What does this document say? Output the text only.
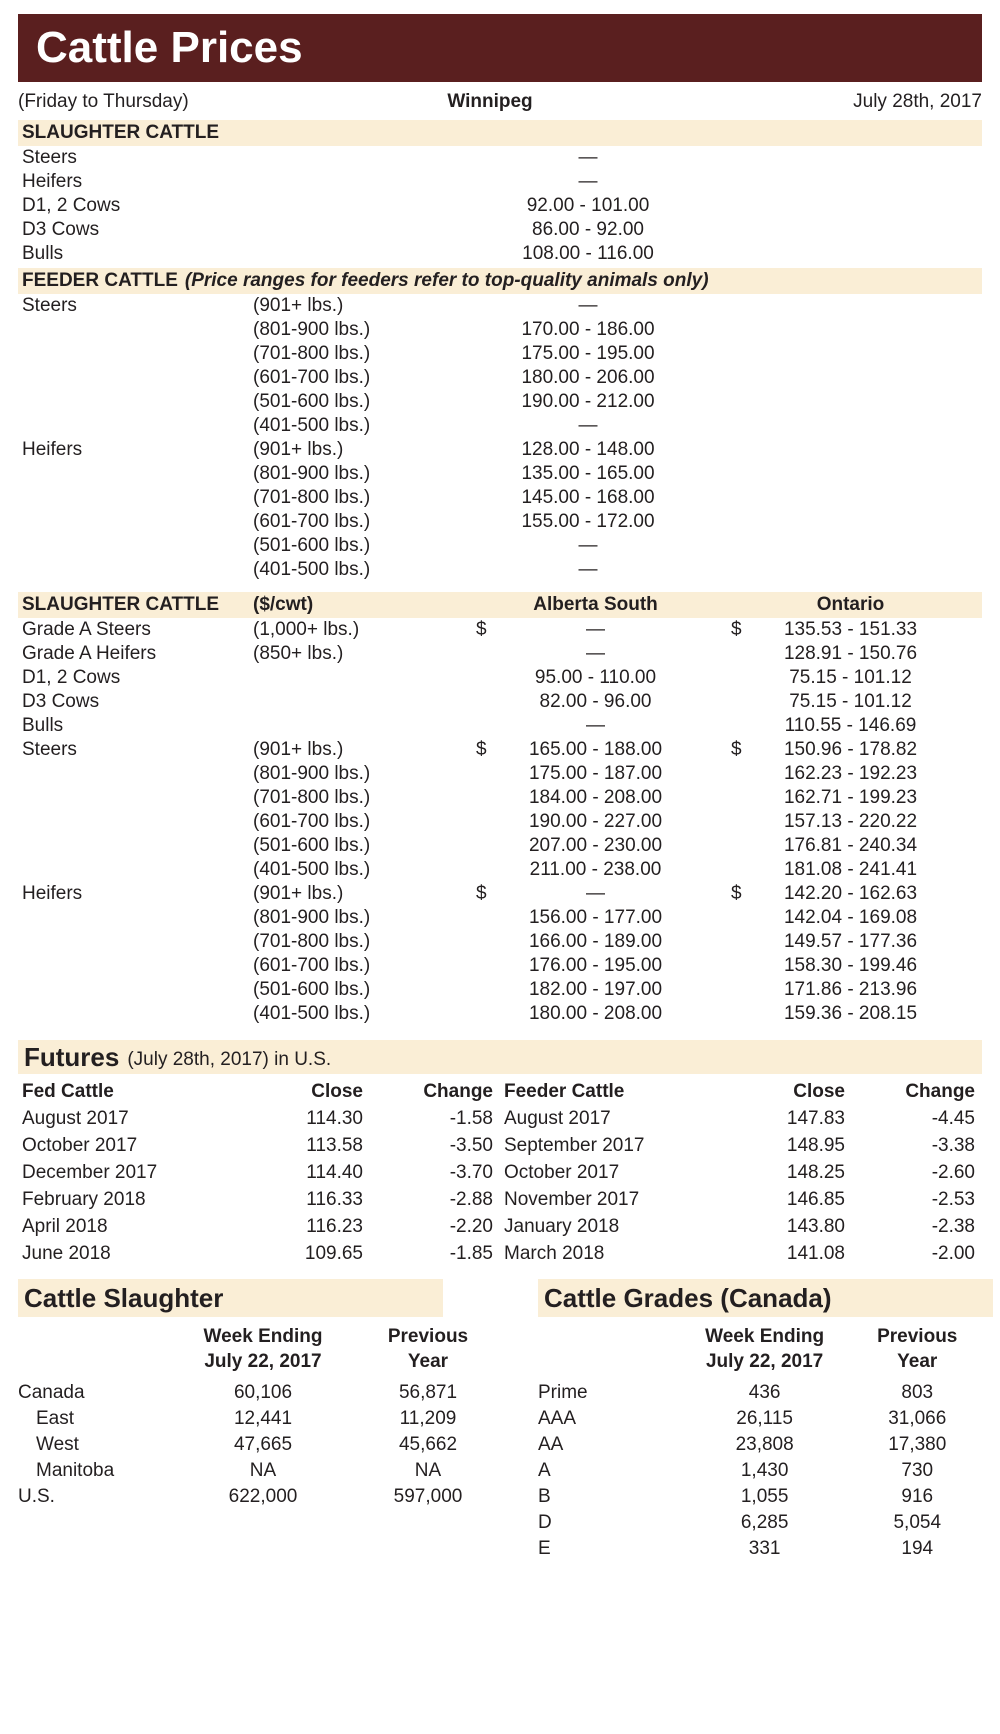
Cattle Prices
(Friday to Thursday)	Winnipeg	July 28th, 2017
SLAUGHTER CATTLE
Steers	—
Heifers	—
D1, 2 Cows	92.00 - 101.00
D3 Cows	86.00 - 92.00
Bulls	108.00 - 116.00
FEEDER CATTLE (Price ranges for feeders refer to top-quality animals only)
Steers	(901+ lbs.)	—
(801-900 lbs.)	170.00 - 186.00
(701-800 lbs.)	175.00 - 195.00
(601-700 lbs.)	180.00 - 206.00
(501-600 lbs.)	190.00 - 212.00
(401-500 lbs.)	—
Heifers	(901+ lbs.)	128.00 - 148.00
(801-900 lbs.)	135.00 - 165.00
(701-800 lbs.)	145.00 - 168.00
(601-700 lbs.)	155.00 - 172.00
(501-600 lbs.)	—
(401-500 lbs.)	—
SLAUGHTER CATTLE	($/cwt)	Alberta South	Ontario
Grade A Steers	(1,000+ lbs.)	$	—	$ 135.53 - 151.33
Grade A Heifers	(850+ lbs.)	—	128.91 - 150.76
D1, 2 Cows	95.00 - 110.00	75.15 - 101.12
D3 Cows	82.00 - 96.00	75.15 - 101.12
Bulls	—	110.55 - 146.69
Steers	(901+ lbs.)	$ 165.00 - 188.00	$ 150.96 - 178.82
(801-900 lbs.)	175.00 - 187.00	162.23 - 192.23
(701-800 lbs.)	184.00 - 208.00	162.71 - 199.23
(601-700 lbs.)	190.00 - 227.00	157.13 - 220.22
(501-600 lbs.)	207.00 - 230.00	176.81 - 240.34
(401-500 lbs.)	211.00 - 238.00	181.08 - 241.41
Heifers	(901+ lbs.)	$	—	$ 142.20 - 162.63
(801-900 lbs.)	156.00 - 177.00	142.04 - 169.08
(701-800 lbs.)	166.00 - 189.00	149.57 - 177.36
(601-700 lbs.)	176.00 - 195.00	158.30 - 199.46
(501-600 lbs.)	182.00 - 197.00	171.86 - 213.96
(401-500 lbs.)	180.00 - 208.00	159.36 - 208.15
Futures (July 28th, 2017) in U.S.
Fed Cattle	Close	Change
August 2017	114.30	-1.58
October 2017	113.58	-3.50
December 2017	114.40	-3.70
February 2018	116.33	-2.88
April 2018	116.23	-2.20
June 2018	109.65	-1.85
Feeder Cattle	Close	Change
August 2017	147.83	-4.45
September 2017	148.95	-3.38
October 2017	148.25	-2.60
November 2017	146.85	-2.53
January 2018	143.80	-2.38
March 2018	141.08	-2.00
Cattle Slaughter
Week Ending
July 22, 2017
Previous
Year
Canada	60,106	56,871
East	12,441	11,209
West	47,665	45,662
Manitoba	NA	NA
U.S.	622,000	597,000
Cattle Grades (Canada)
Week Ending
July 22, 2017
Previous
Year
Prime	436	803
AAA	26,115	31,066
AA	23,808	17,380
A	1,430	730
B	1,055	916
D	6,285	5,054
E	331	194
